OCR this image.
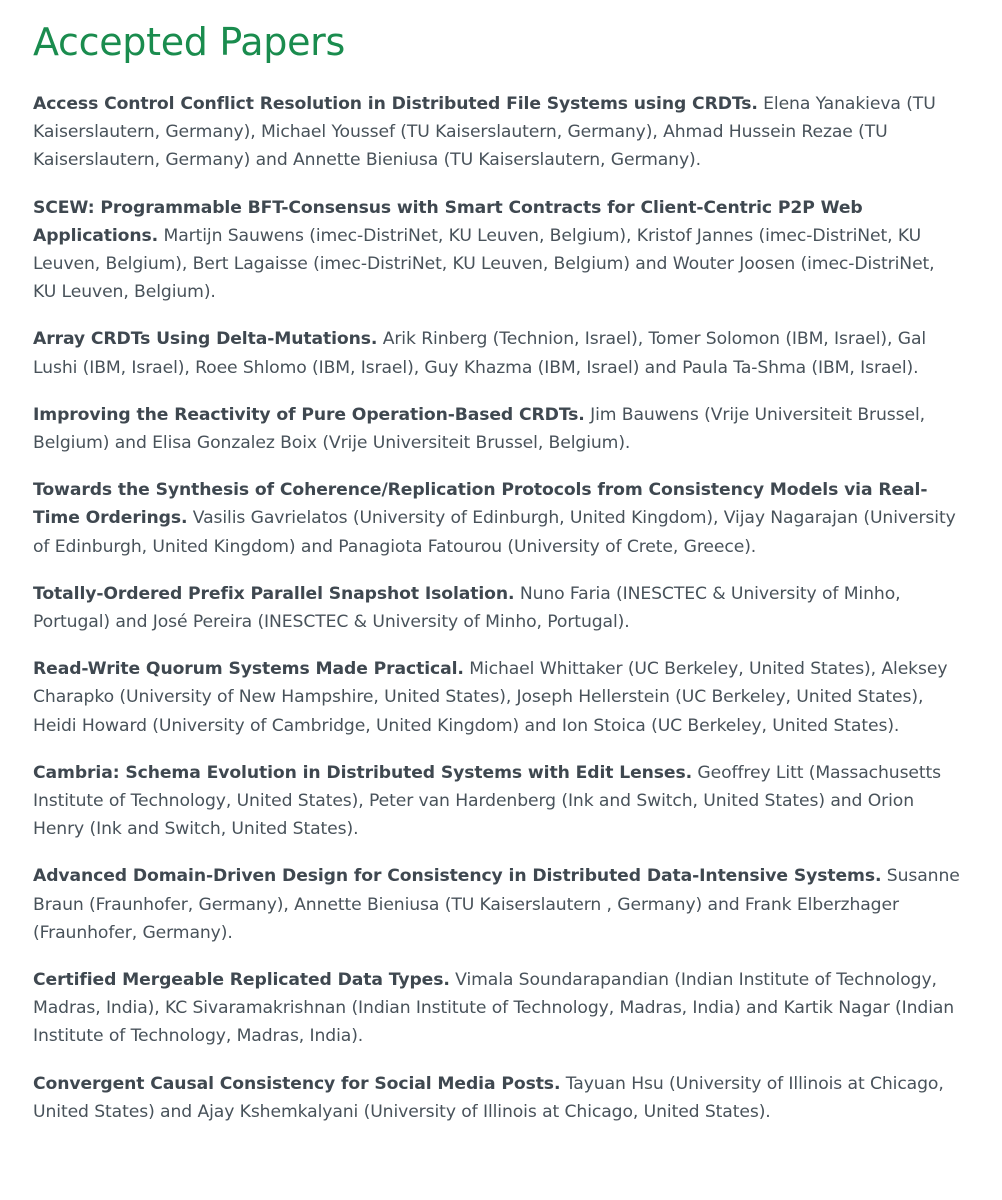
Accepted Papers

Access Control Conflict Resolution in Distributed File Systems using CRDTs. Elena Yanakieva (TU Kaiserslautern, Germany), Michael Youssef (TU Kaiserslautern, Germany), Ahmad Hussein Rezae (TU Kaiserslautern, Germany) and Annette Bieniusa (TU Kaiserslautern, Germany).

SCEW: Programmable BFT-Consensus with Smart Contracts for Client-Centric P2P Web Applications. Martijn Sauwens (imec-DistriNet, KU Leuven, Belgium), Kristof Jannes (imec-DistriNet, KU Leuven, Belgium), Bert Lagaisse (imec-DistriNet, KU Leuven, Belgium) and Wouter Joosen (imec-DistriNet, KU Leuven, Belgium).

Array CRDTs Using Delta-Mutations. Arik Rinberg (Technion, Israel), Tomer Solomon (IBM, Israel), Gal Lushi (IBM, Israel), Roee Shlomo (IBM, Israel), Guy Khazma (IBM, Israel) and Paula Ta-Shma (IBM, Israel).

Improving the Reactivity of Pure Operation-Based CRDTs. Jim Bauwens (Vrije Universiteit Brussel, Belgium) and Elisa Gonzalez Boix (Vrije Universiteit Brussel, Belgium).

Towards the Synthesis of Coherence/Replication Protocols from Consistency Models via Real-Time Orderings. Vasilis Gavrielatos (University of Edinburgh, United Kingdom), Vijay Nagarajan (University of Edinburgh, United Kingdom) and Panagiota Fatourou (University of Crete, Greece).

Totally-Ordered Prefix Parallel Snapshot Isolation. Nuno Faria (INESCTEC & University of Minho, Portugal) and José Pereira (INESCTEC & University of Minho, Portugal).

Read-Write Quorum Systems Made Practical. Michael Whittaker (UC Berkeley, United States), Aleksey Charapko (University of New Hampshire, United States), Joseph Hellerstein (UC Berkeley, United States), Heidi Howard (University of Cambridge, United Kingdom) and Ion Stoica (UC Berkeley, United States).

Cambria: Schema Evolution in Distributed Systems with Edit Lenses. Geoffrey Litt (Massachusetts Institute of Technology, United States), Peter van Hardenberg (Ink and Switch, United States) and Orion Henry (Ink and Switch, United States).

Advanced Domain-Driven Design for Consistency in Distributed Data-Intensive Systems. Susanne Braun (Fraunhofer, Germany), Annette Bieniusa (TU Kaiserslautern , Germany) and Frank Elberzhager (Fraunhofer, Germany).

Certified Mergeable Replicated Data Types. Vimala Soundarapandian (Indian Institute of Technology, Madras, India), KC Sivaramakrishnan (Indian Institute of Technology, Madras, India) and Kartik Nagar (Indian Institute of Technology, Madras, India).

Convergent Causal Consistency for Social Media Posts. Tayuan Hsu (University of Illinois at Chicago, United States) and Ajay Kshemkalyani (University of Illinois at Chicago, United States).
